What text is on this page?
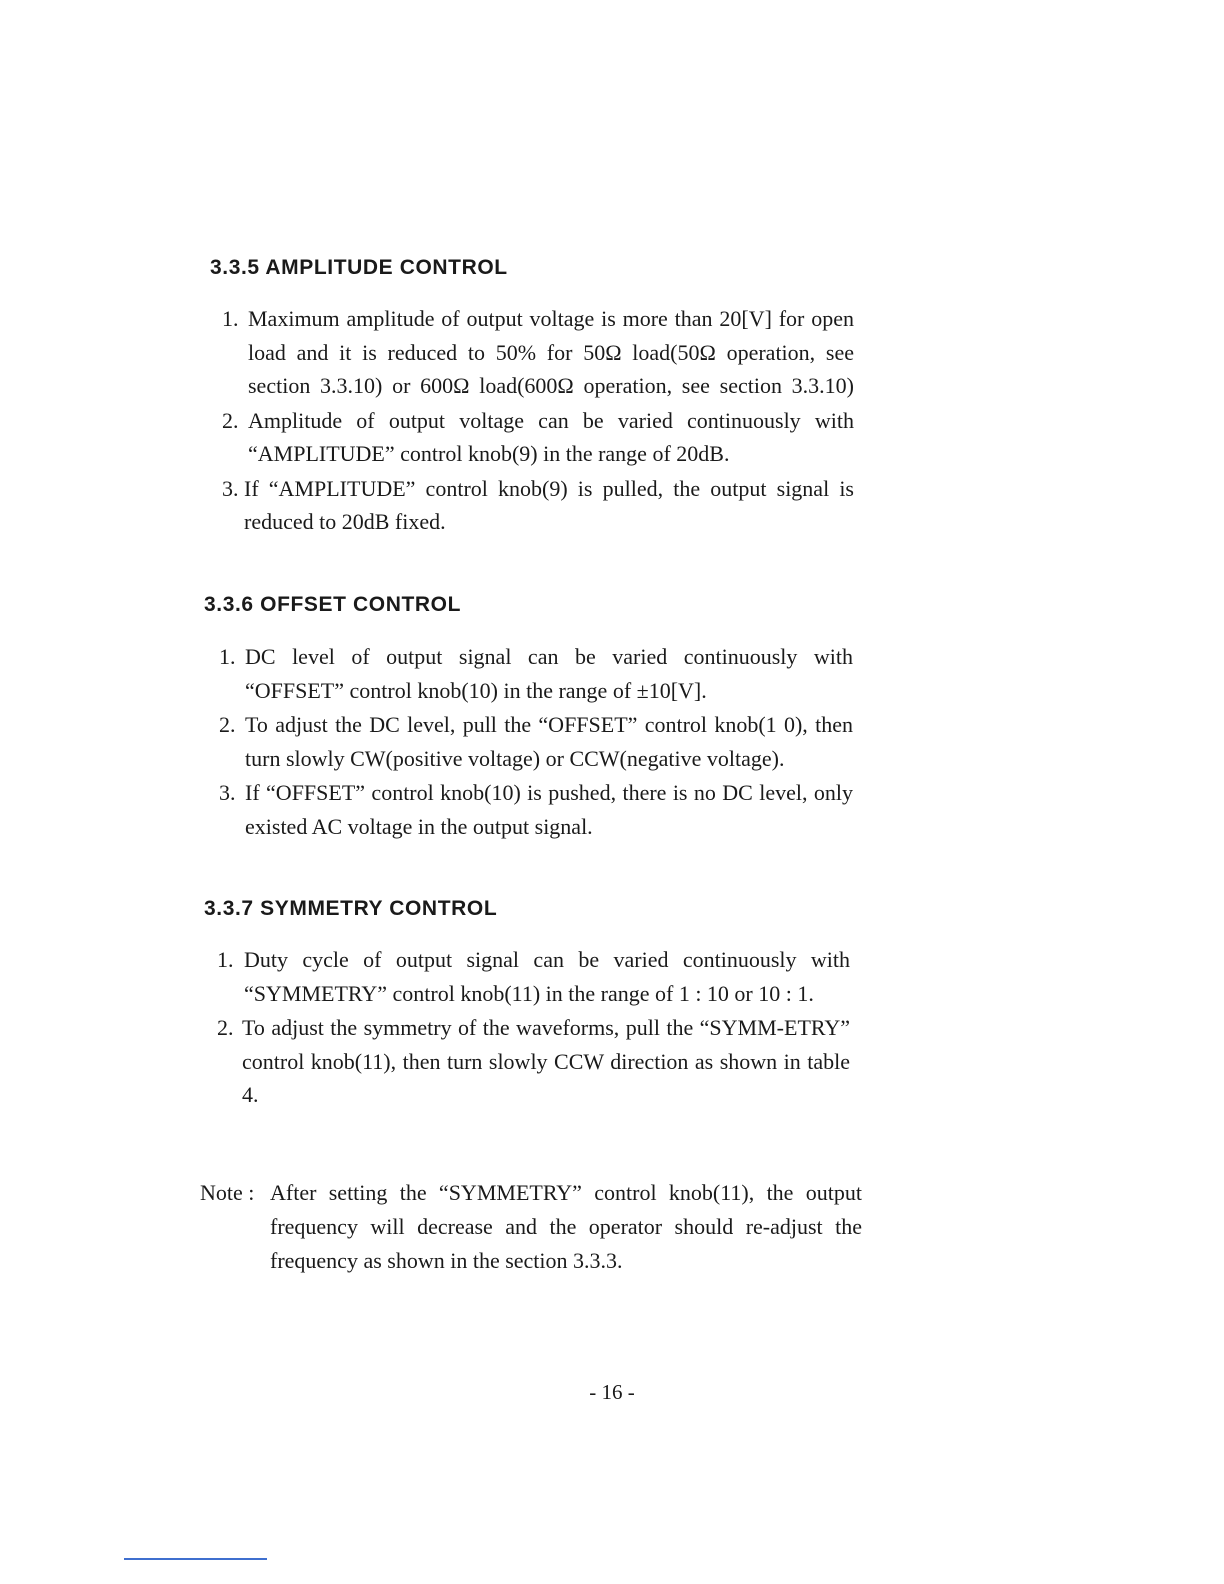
3.3.5 AMPLITUDE CONTROL
1. Maximum amplitude of output voltage is more than 20[V] for open load and it is reduced to 50% for 50Ω load(50Ω operation, see section 3.3.10) or 600Ω load(600Ω operation, see section 3.3.10)
2. Amplitude of output voltage can be varied continuously with “AMPLITUDE” control knob(9) in the range of 20dB.
3. If “AMPLITUDE” control knob(9) is pulled, the output signal is reduced to 20dB fixed.
3.3.6 OFFSET CONTROL
1. DC level of output signal can be varied continuously with “OFFSET” control knob(10) in the range of ±10[V].
2. To adjust the DC level, pull the “OFFSET” control knob(1 0), then turn slowly CW(positive voltage) or CCW(negative voltage).
3. If “OFFSET” control knob(10) is pushed, there is no DC level, only existed AC voltage in the output signal.
3.3.7 SYMMETRY CONTROL
1. Duty cycle of output signal can be varied continuously with “SYMMETRY” control knob(11) in the range of 1 : 10 or 10 : 1.
2. To adjust the symmetry of the waveforms, pull the “SYMM-ETRY” control knob(11), then turn slowly CCW direction as shown in table 4.
Note : After setting the “SYMMETRY” control knob(11), the output frequency will decrease and the operator should re-adjust the frequency as shown in the section 3.3.3.
- 16 -
